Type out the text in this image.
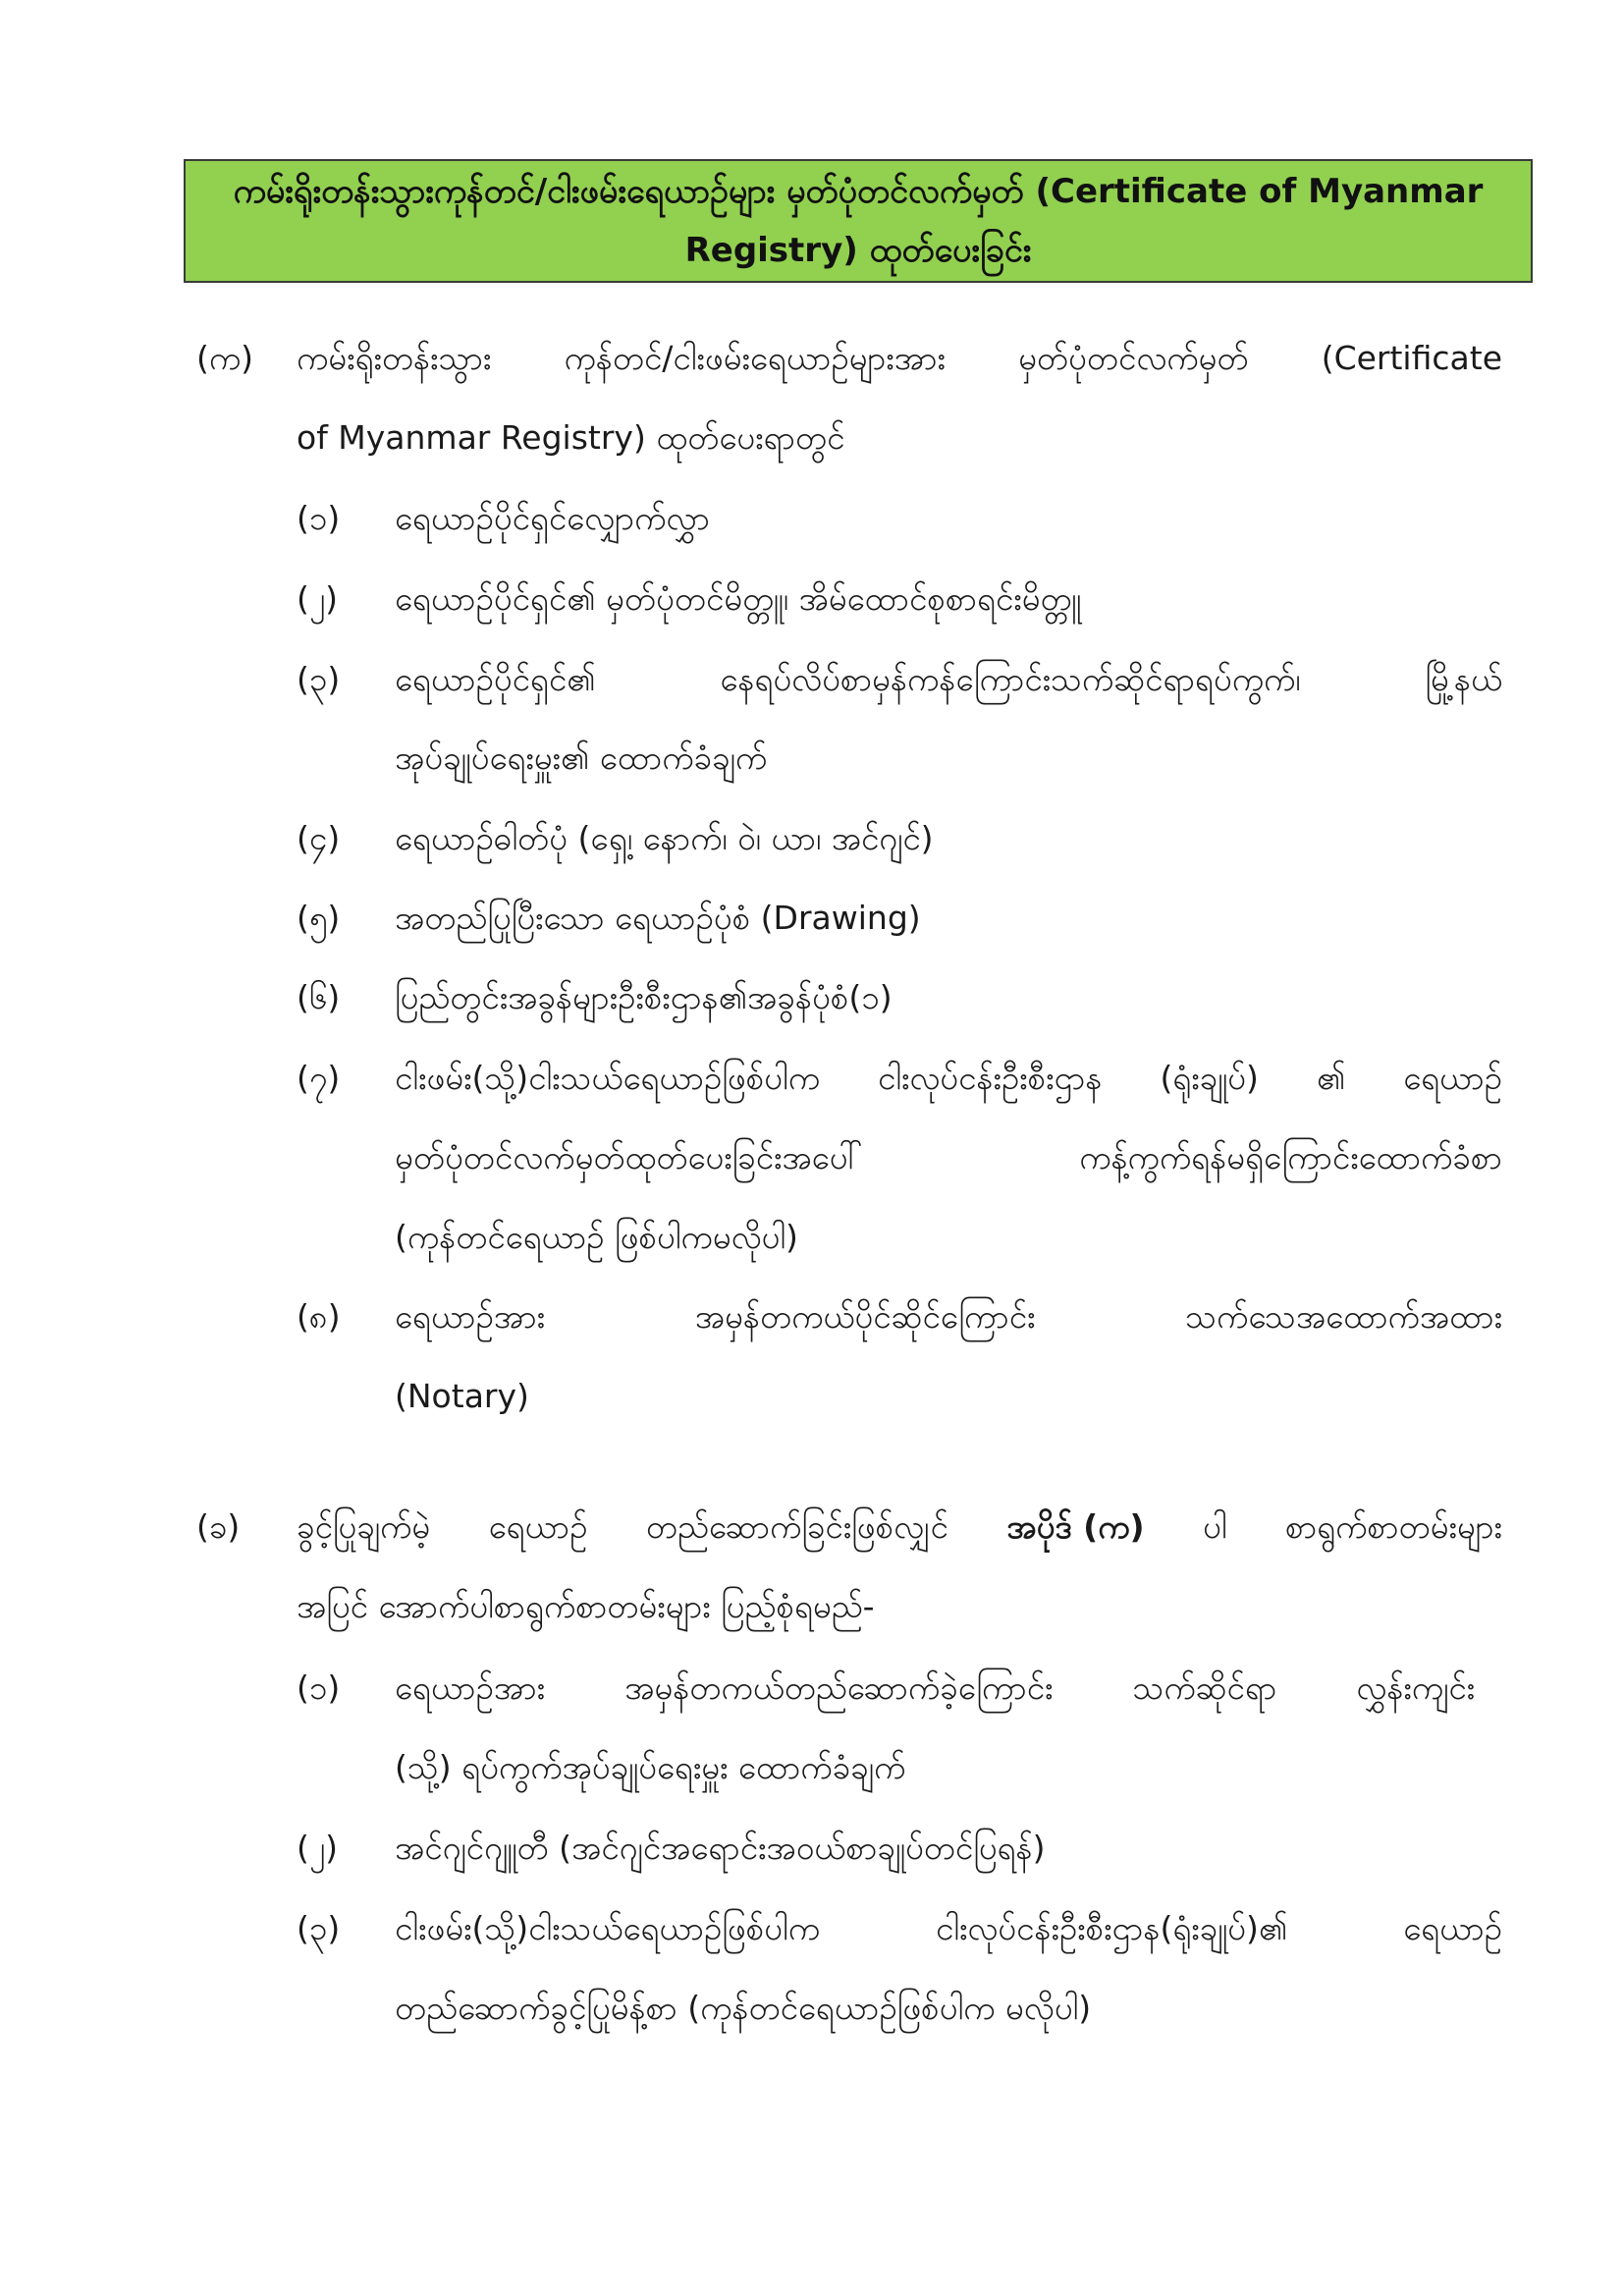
ကမ်းရိုးတန်းသွားကုန်တင်/ငါးဖမ်းရေယာဉ်များ မှတ်ပုံတင်လက်မှတ် (Certificate of Myanmar
Registry) ထုတ်ပေးခြင်း
(က) ကမ်းရိုးတန်းသွား ကုန်တင်/ငါးဖမ်းရေယာဉ်များအား မှတ်ပုံတင်လက်မှတ် (Certificate
of Myanmar Registry) ထုတ်ပေးရာတွင်
(၁) ရေယာဉ်ပိုင်ရှင်လျှောက်လွှာ
(၂) ရေယာဉ်ပိုင်ရှင်၏ မှတ်ပုံတင်မိတ္တူ၊ အိမ်ထောင်စုစာရင်းမိတ္တူ
(၃) ရေယာဉ်ပိုင်ရှင်၏	နေရပ်လိပ်စာမှန်ကန်ကြောင်းသက်ဆိုင်ရာရပ်ကွက်၊	မြို့နယ်
အုပ်ချုပ်ရေးမှူး၏ ထောက်ခံချက်
(၄) ရေယာဉ်ဓါတ်ပုံ (ရှေ့၊ နောက်၊ ဝဲ၊ ယာ၊ အင်ဂျင်)
(၅) အတည်ပြုပြီးသော ရေယာဉ်ပုံစံ (Drawing)
(၆) ပြည်တွင်းအခွန်များဦးစီးဌာန၏အခွန်ပုံစံ(၁)
(၇) ငါးဖမ်း(သို့)ငါးသယ်ရေယာဉ်ဖြစ်ပါက ငါးလုပ်ငန်းဦးစီးဌာန (ရုံးချုပ်) ၏ ရေယာဉ်
မှတ်ပုံတင်လက်မှတ်ထုတ်ပေးခြင်းအပေါ်	ကန့်ကွက်ရန်မရှိကြောင်းထောက်ခံစာ
(ကုန်တင်ရေယာဉ် ဖြစ်ပါကမလိုပါ)
(၈) ရေယာဉ်အား	အမှန်တကယ်ပိုင်ဆိုင်ကြောင်း	သက်သေအထောက်အထား
(Notary)
(ခ) ခွင့်ပြုချက်မဲ့ ရေယာဉ် တည်ဆောက်ခြင်းဖြစ်လျှင် အပိုဒ် (က) ပါ စာရွက်စာတမ်းများ
အပြင် အောက်ပါစာရွက်စာတမ်းများ ပြည့်စုံရမည်-
(၁) ရေယာဉ်အား အမှန်တကယ်တည်ဆောက်ခဲ့ကြောင်း သက်ဆိုင်ရာ လွှန်းကျင်း
(သို့) ရပ်ကွက်အုပ်ချုပ်ရေးမှူး ထောက်ခံချက်
(၂) အင်ဂျင်ဂျူတီ (အင်ဂျင်အရောင်းအဝယ်စာချုပ်တင်ပြရန်)
(၃) ငါးဖမ်း(သို့)ငါးသယ်ရေယာဉ်ဖြစ်ပါက	ငါးလုပ်ငန်းဦးစီးဌာန(ရုံးချုပ်)၏	ရေယာဉ်
တည်ဆောက်ခွင့်ပြုမိန့်စာ (ကုန်တင်ရေယာဉ်ဖြစ်ပါက မလိုပါ)
